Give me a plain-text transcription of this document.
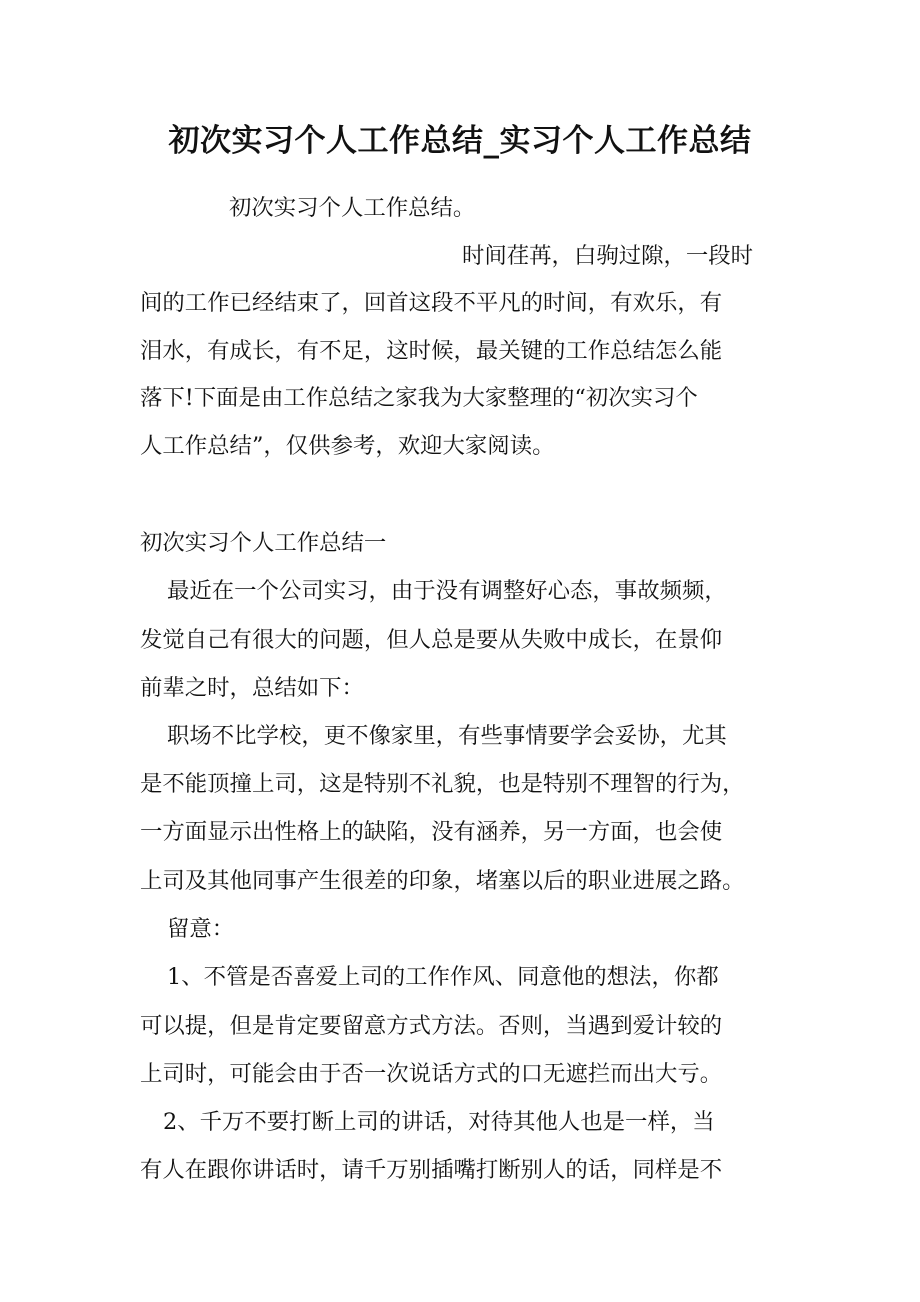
初次实习个人工作总结_实习个人工作总结
初次实习个人工作总结。
时间荏苒，白驹过隙，一段时
间的工作已经结束了，回首这段不平凡的时间，有欢乐，有
泪水，有成长，有不足，这时候，最关键的工作总结怎么能
落下!下面是由工作总结之家我为大家整理的“初次实习个
人工作总结”，仅供参考，欢迎大家阅读。
初次实习个人工作总结一
最近在一个公司实习，由于没有调整好心态，事故频频，
发觉自己有很大的问题，但人总是要从失败中成长，在景仰
前辈之时，总结如下：
职场不比学校，更不像家里，有些事情要学会妥协，尤其
是不能顶撞上司，这是特别不礼貌，也是特别不理智的行为，
一方面显示出性格上的缺陷，没有涵养，另一方面，也会使
上司及其他同事产生很差的印象，堵塞以后的职业进展之路。
留意：
1、不管是否喜爱上司的工作作风、同意他的想法，你都
可以提，但是肯定要留意方式方法。否则，当遇到爱计较的
上司时，可能会由于否一次说话方式的口无遮拦而出大亏。
2、千万不要打断上司的讲话，对待其他人也是一样，当
有人在跟你讲话时，请千万别插嘴打断别人的话，同样是不
